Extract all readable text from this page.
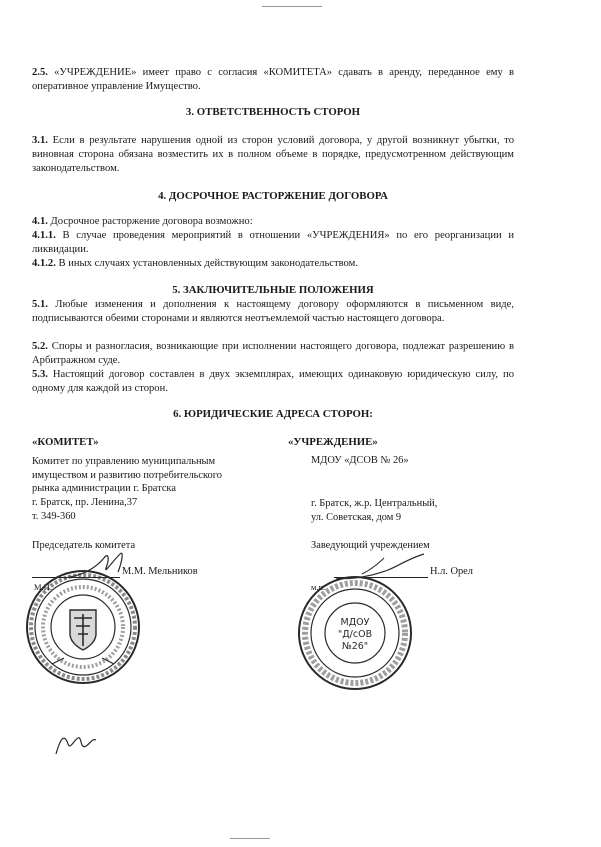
2.5. «УЧРЕЖДЕНИЕ» имеет право с согласия «КОМИТЕТА» сдавать в аренду, переданное ему в оперативное управление Имущество.

3. ОТВЕТСТВЕННОСТЬ СТОРОН

3.1. Если в результате нарушения одной из сторон условий договора, у другой возникнут убытки, то виновная сторона обязана возместить их в полном объеме в порядке, предусмотренном действующим законодательством.

4. ДОСРОЧНОЕ РАСТОРЖЕНИЕ ДОГОВОРА

4.1. Досрочное расторжение договора возможно:

4.1.1. В случае проведения мероприятий в отношении «УЧРЕЖДЕНИЯ» по его реорганизации и ликвидации.

4.1.2. В иных случаях установленных действующим законодательством.

5. ЗАКЛЮЧИТЕЛЬНЫЕ ПОЛОЖЕНИЯ

5.1. Любые изменения и дополнения к настоящему договору оформляются в письменном виде, подписываются обеими сторонами и являются неотъемлемой частью настоящего договора.

5.2. Споры и разногласия, возникающие при исполнении настоящего договора, подлежат разрешению в Арбитражном суде.

5.3. Настоящий договор составлен в двух экземплярах, имеющих одинаковую юридическую силу, по одному для каждой из сторон.

6. ЮРИДИЧЕСКИЕ АДРЕСА СТОРОН:

«КОМИТЕТ»
Комитет по управлению муниципальным
имуществом и развитию потребительского
рынка администрации г. Братска
г. Братск, пр. Ленина,37
т. 349-360
Председатель комитета
М.М. Мельников
М.П.
«УЧРЕЖДЕНИЕ»
МДОУ «ДСОВ № 26»
г. Братск, ж.р. Центральный,
ул. Советская, дом 9
Заведующий учреждением
Н.л. Орел
м.п.
МДОУ
"Д/сОВ
№26"
